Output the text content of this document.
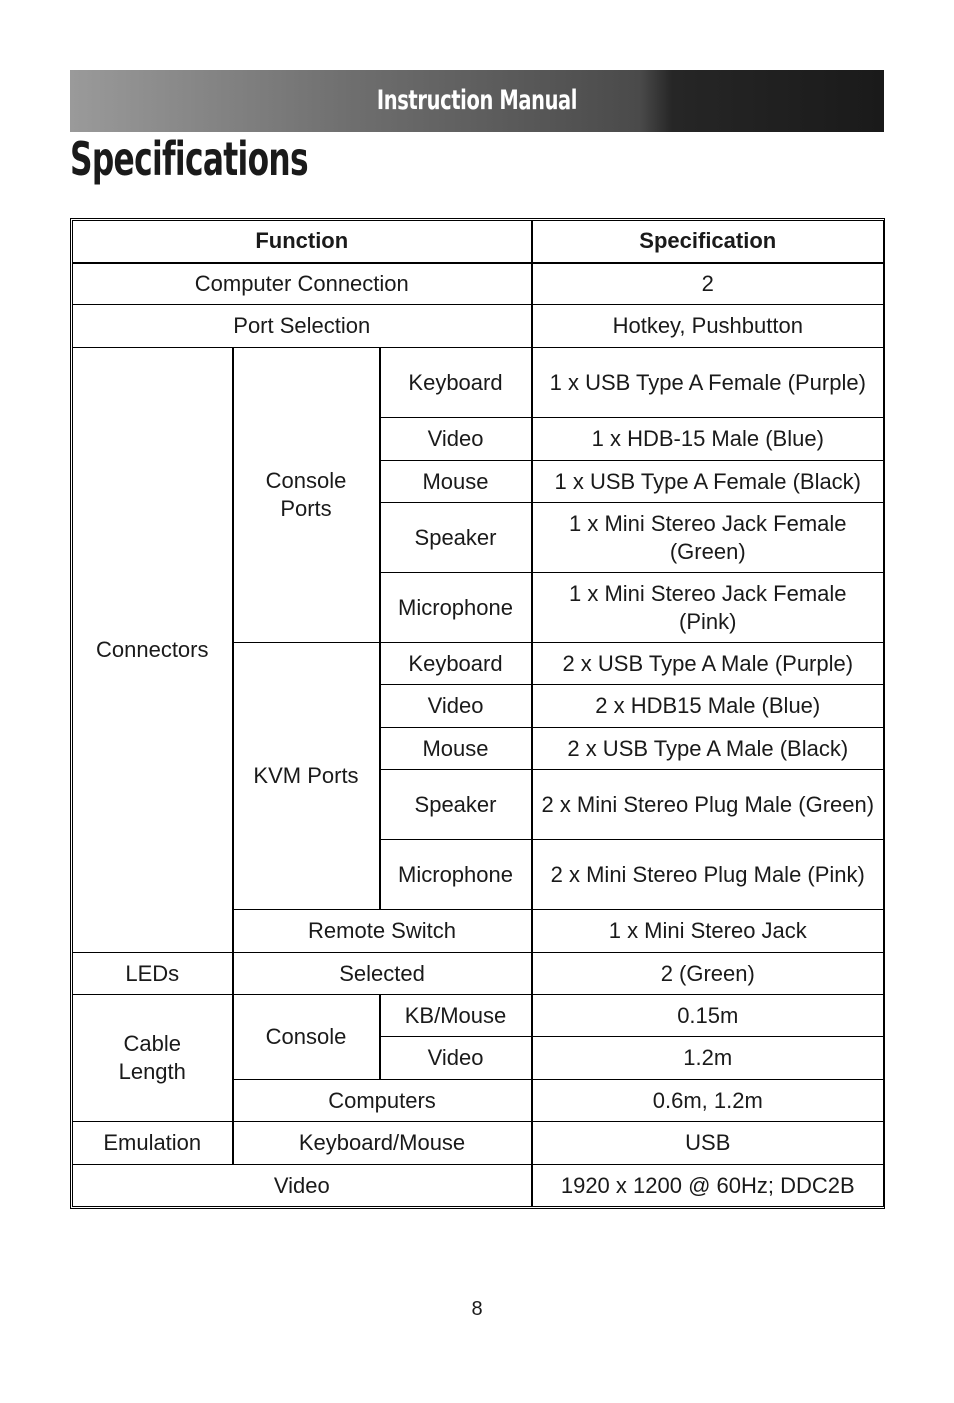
Instruction Manual
Specifications
Function			Specification
Computer Connection			2
Port Selection			Hotkey, Pushbutton
Connectors	Console Ports	Keyboard	1 x USB Type A Female (Purple)
		Video	1 x HDB-15 Male (Blue)
		Mouse	1 x USB Type A Female (Black)
		Speaker	1 x Mini Stereo Jack Female (Green)
		Microphone	1 x Mini Stereo Jack Female (Pink)
	KVM Ports	Keyboard	2 x USB Type A Male (Purple)
		Video	2 x HDB15 Male (Blue)
		Mouse	2 x USB Type A Male (Black)
		Speaker	2 x Mini Stereo Plug Male (Green)
		Microphone	2 x Mini Stereo Plug Male (Pink)
	Remote Switch		1 x Mini Stereo Jack
LEDs	Selected		2 (Green)
Cable Length	Console	KB/Mouse	0.15m
		Video	1.2m
	Computers		0.6m, 1.2m
Emulation	Keyboard/Mouse		USB
Video			1920 x 1200 @ 60Hz; DDC2B
8
